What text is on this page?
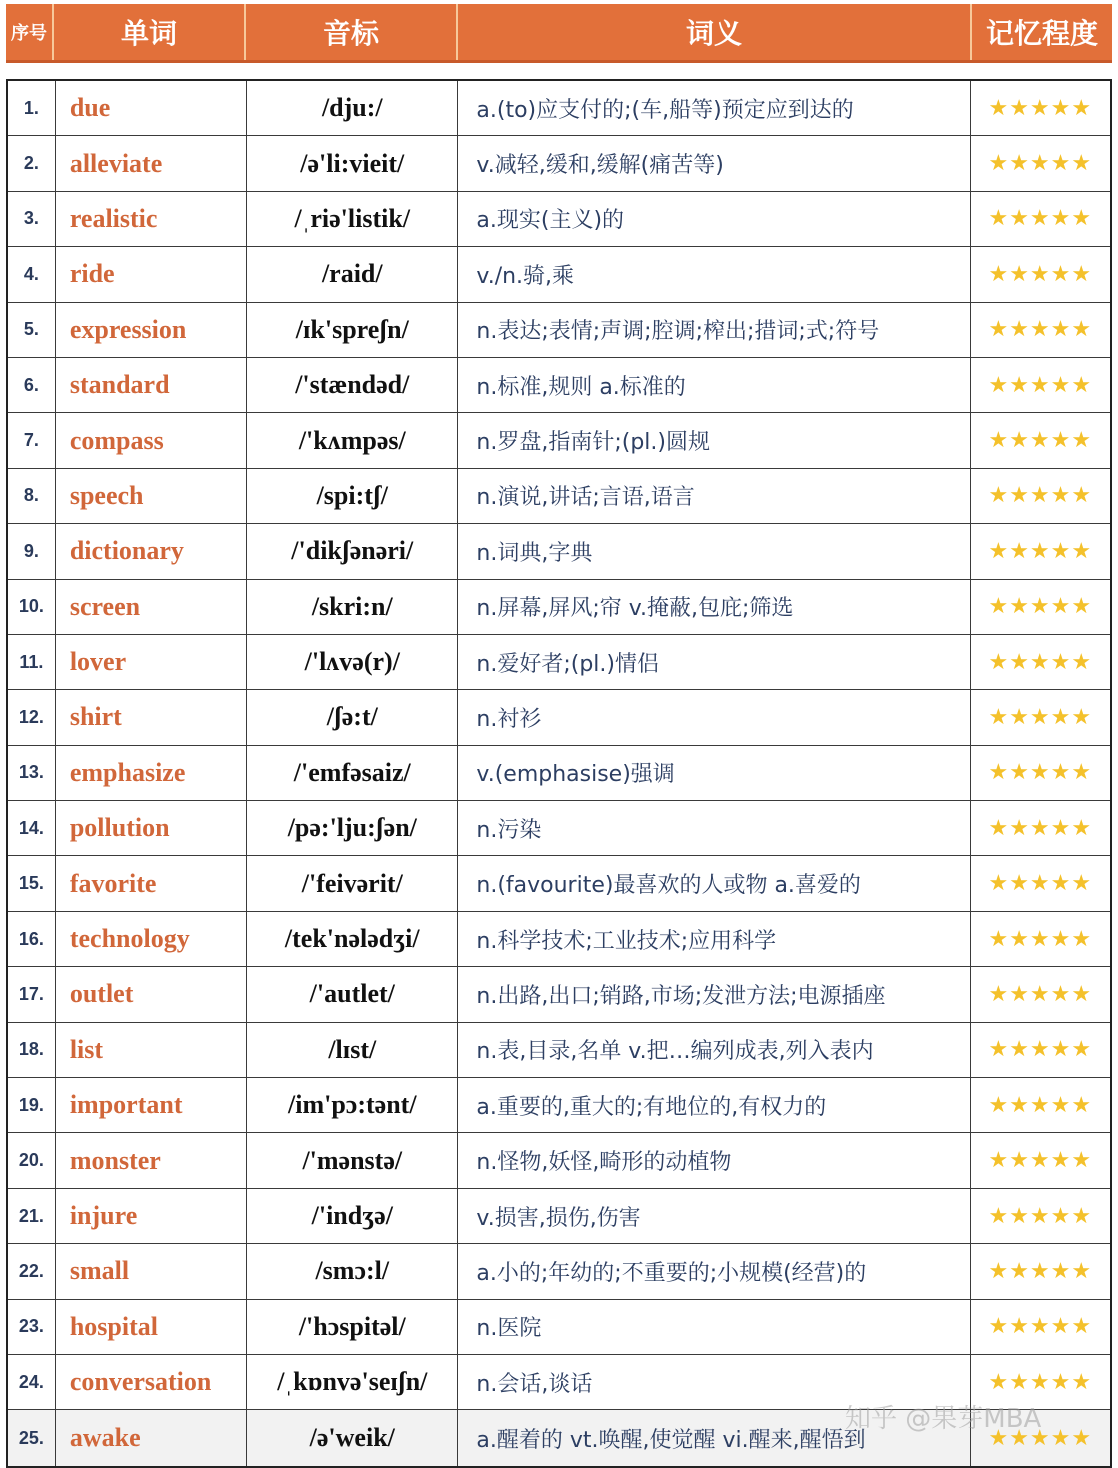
序号	单词	音标	词义	记忆程度
1.	due	/dju:/	a.(to)应支付的;(车,船等)预定应到达的	★★★★★
2.	alleviate	/ə'li:vieit/	v.减轻,缓和,缓解(痛苦等)	★★★★★
3.	realistic	/ˌriə'listik/	a.现实(主义)的	★★★★★
4.	ride	/raid/	v./n.骑,乘	★★★★★
5.	expression	/ɪk'spreʃn/	n.表达;表情;声调;腔调;榨出;措词;式;符号	★★★★★
6.	standard	/'stændəd/	n.标准,规则 a.标准的	★★★★★
7.	compass	/'kʌmpəs/	n.罗盘,指南针;(pl.)圆规	★★★★★
8.	speech	/spi:tʃ/	n.演说,讲话;言语,语言	★★★★★
9.	dictionary	/'dikʃənəri/	n.词典,字典	★★★★★
10. screen	/skri:n/	n.屏幕,屏风;帘 v.掩蔽,包庇;筛选	★★★★★
11.	lover	/'lʌvə(r)/	n.爱好者;(pl.)情侣	★★★★★
12. shirt	/ʃə:t/	n.衬衫	★★★★★
13. emphasize	/'emfəsaiz/	v.(emphasise)强调	★★★★★
14. pollution	/pə:'lju:ʃən/	n.污染	★★★★★
15. favorite	/'feivərit/	n.(favourite)最喜欢的人或物 a.喜爱的	★★★★★
16. technology	/tek'nələdʒi/	n.科学技术;工业技术;应用科学	★★★★★
17. outlet	/'autlet/	n.出路,出口;销路,市场;发泄方法;电源插座	★★★★★
18. list	/lɪst/	n.表,目录,名单 v.把…编列成表,列入表内	★★★★★
19. important	/im'pɔ:tənt/	a.重要的,重大的;有地位的,有权力的	★★★★★
20. monster	/'mənstə/	n.怪物,妖怪,畸形的动植物	★★★★★
21. injure	/'indʒə/	v.损害,损伤,伤害	★★★★★
22. small	/smɔ:l/	a.小的;年幼的;不重要的;小规模(经营)的	★★★★★
23. hospital	/'hɔspitəl/	n.医院	★★★★★
24. conversation	/ˌkɒnvə'seɪʃn/	n.会话,谈话	★★★★★
25. awake	/ə'weik/	a.醒着的 vt.唤醒,使觉醒 vi.醒来,醒悟到	★★★★★
知乎 @果芽MBA
